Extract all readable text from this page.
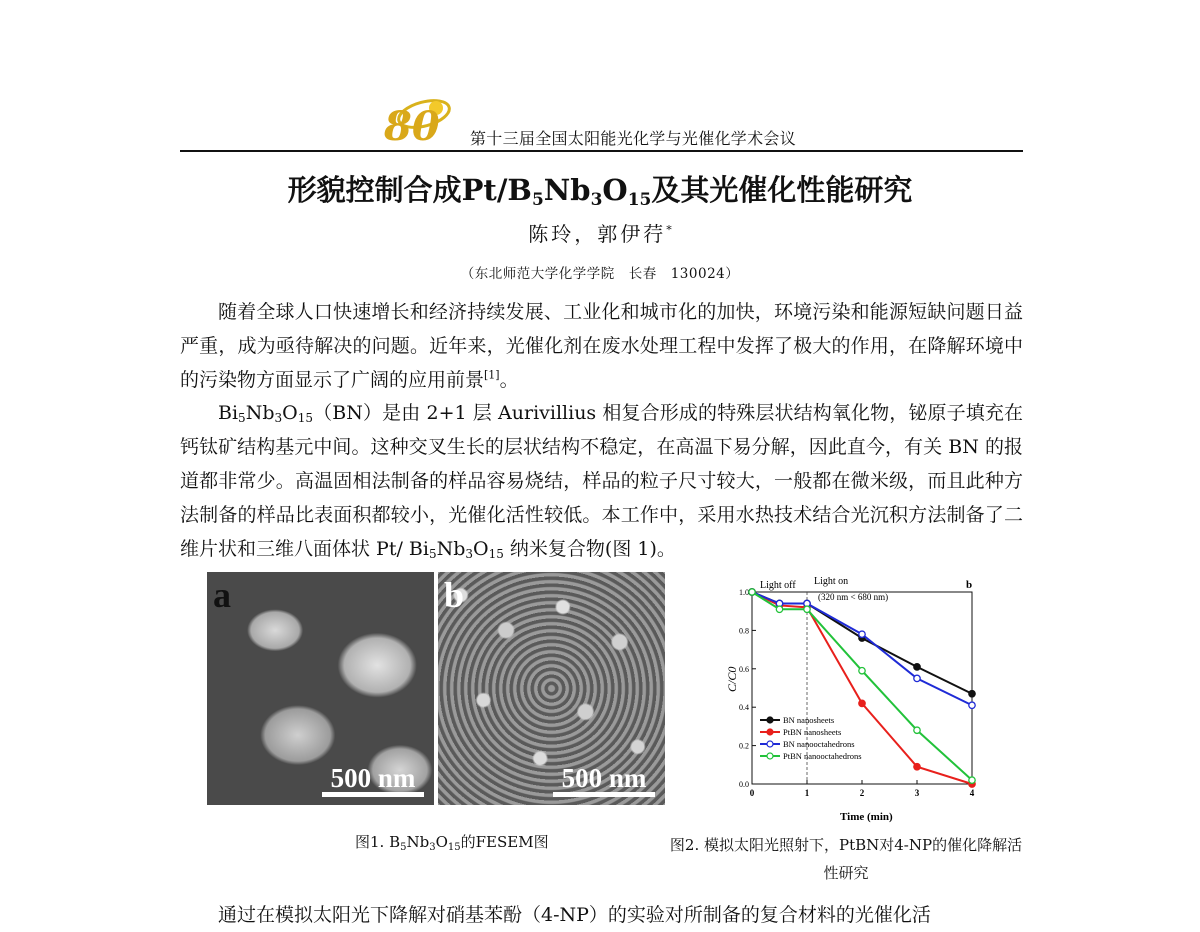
80 第十三届全国太阳能光化学与光催化学术会议
形貌控制合成$Pt/B_5Nb_3O_{15}$及其光催化性能研究
陈玲，郭伊荇*
（东北师范大学化学学院　长春　130024）
随着全球人口快速增长和经济持续发展、工业化和城市化的加快，环境污染和能源短缺问题日益严重，成为亟待解决的问题。近年来，光催化剂在废水处理工程中发挥了极大的作用，在降解环境中的污染物方面显示了广阔的应用前景[1]。
$Bi_5Nb_3O_{15}(BN)$是由 2+1 层 Aurivillius 相复合形成的特殊层状结构氧化物，铋原子填充在钙钛矿结构基元中间。这种交叉生长的层状结构不稳定，在高温下易分解，因此直今，有关 BN 的报道都非常少。高温固相法制备的样品容易烧结，样品的粒子尺寸较大，一般都在微米级，而且此种方法制备的样品比表面积都较小，光催化活性较低。本工作中，采用水热技术结合光沉积方法制备了二维片状和三维八面体状 Pt/ $Bi_5Nb_3O_{15}$ 纳米复合物(图 1)。
a
500 nm
b
500 nm
图1. $B_5Nb_3O_{15}$的FESEM图
0.0
0.2
0.4
0.6
0.8
1.0
0	1	2	3	4
BN nanosheets
PtBN nanosheets
BN nanooctahedrons
PtBN nanooctahedrons
b
Light off Light on
(320 nm < 680 nm)
Time (min)
C/C0
图2. 模拟太阳光照射下，PtBN对4-NP的催化降解活性研究
通过在模拟太阳光下降解对硝基苯酚（4-NP）的实验对所制备的复合材料的光催化活
